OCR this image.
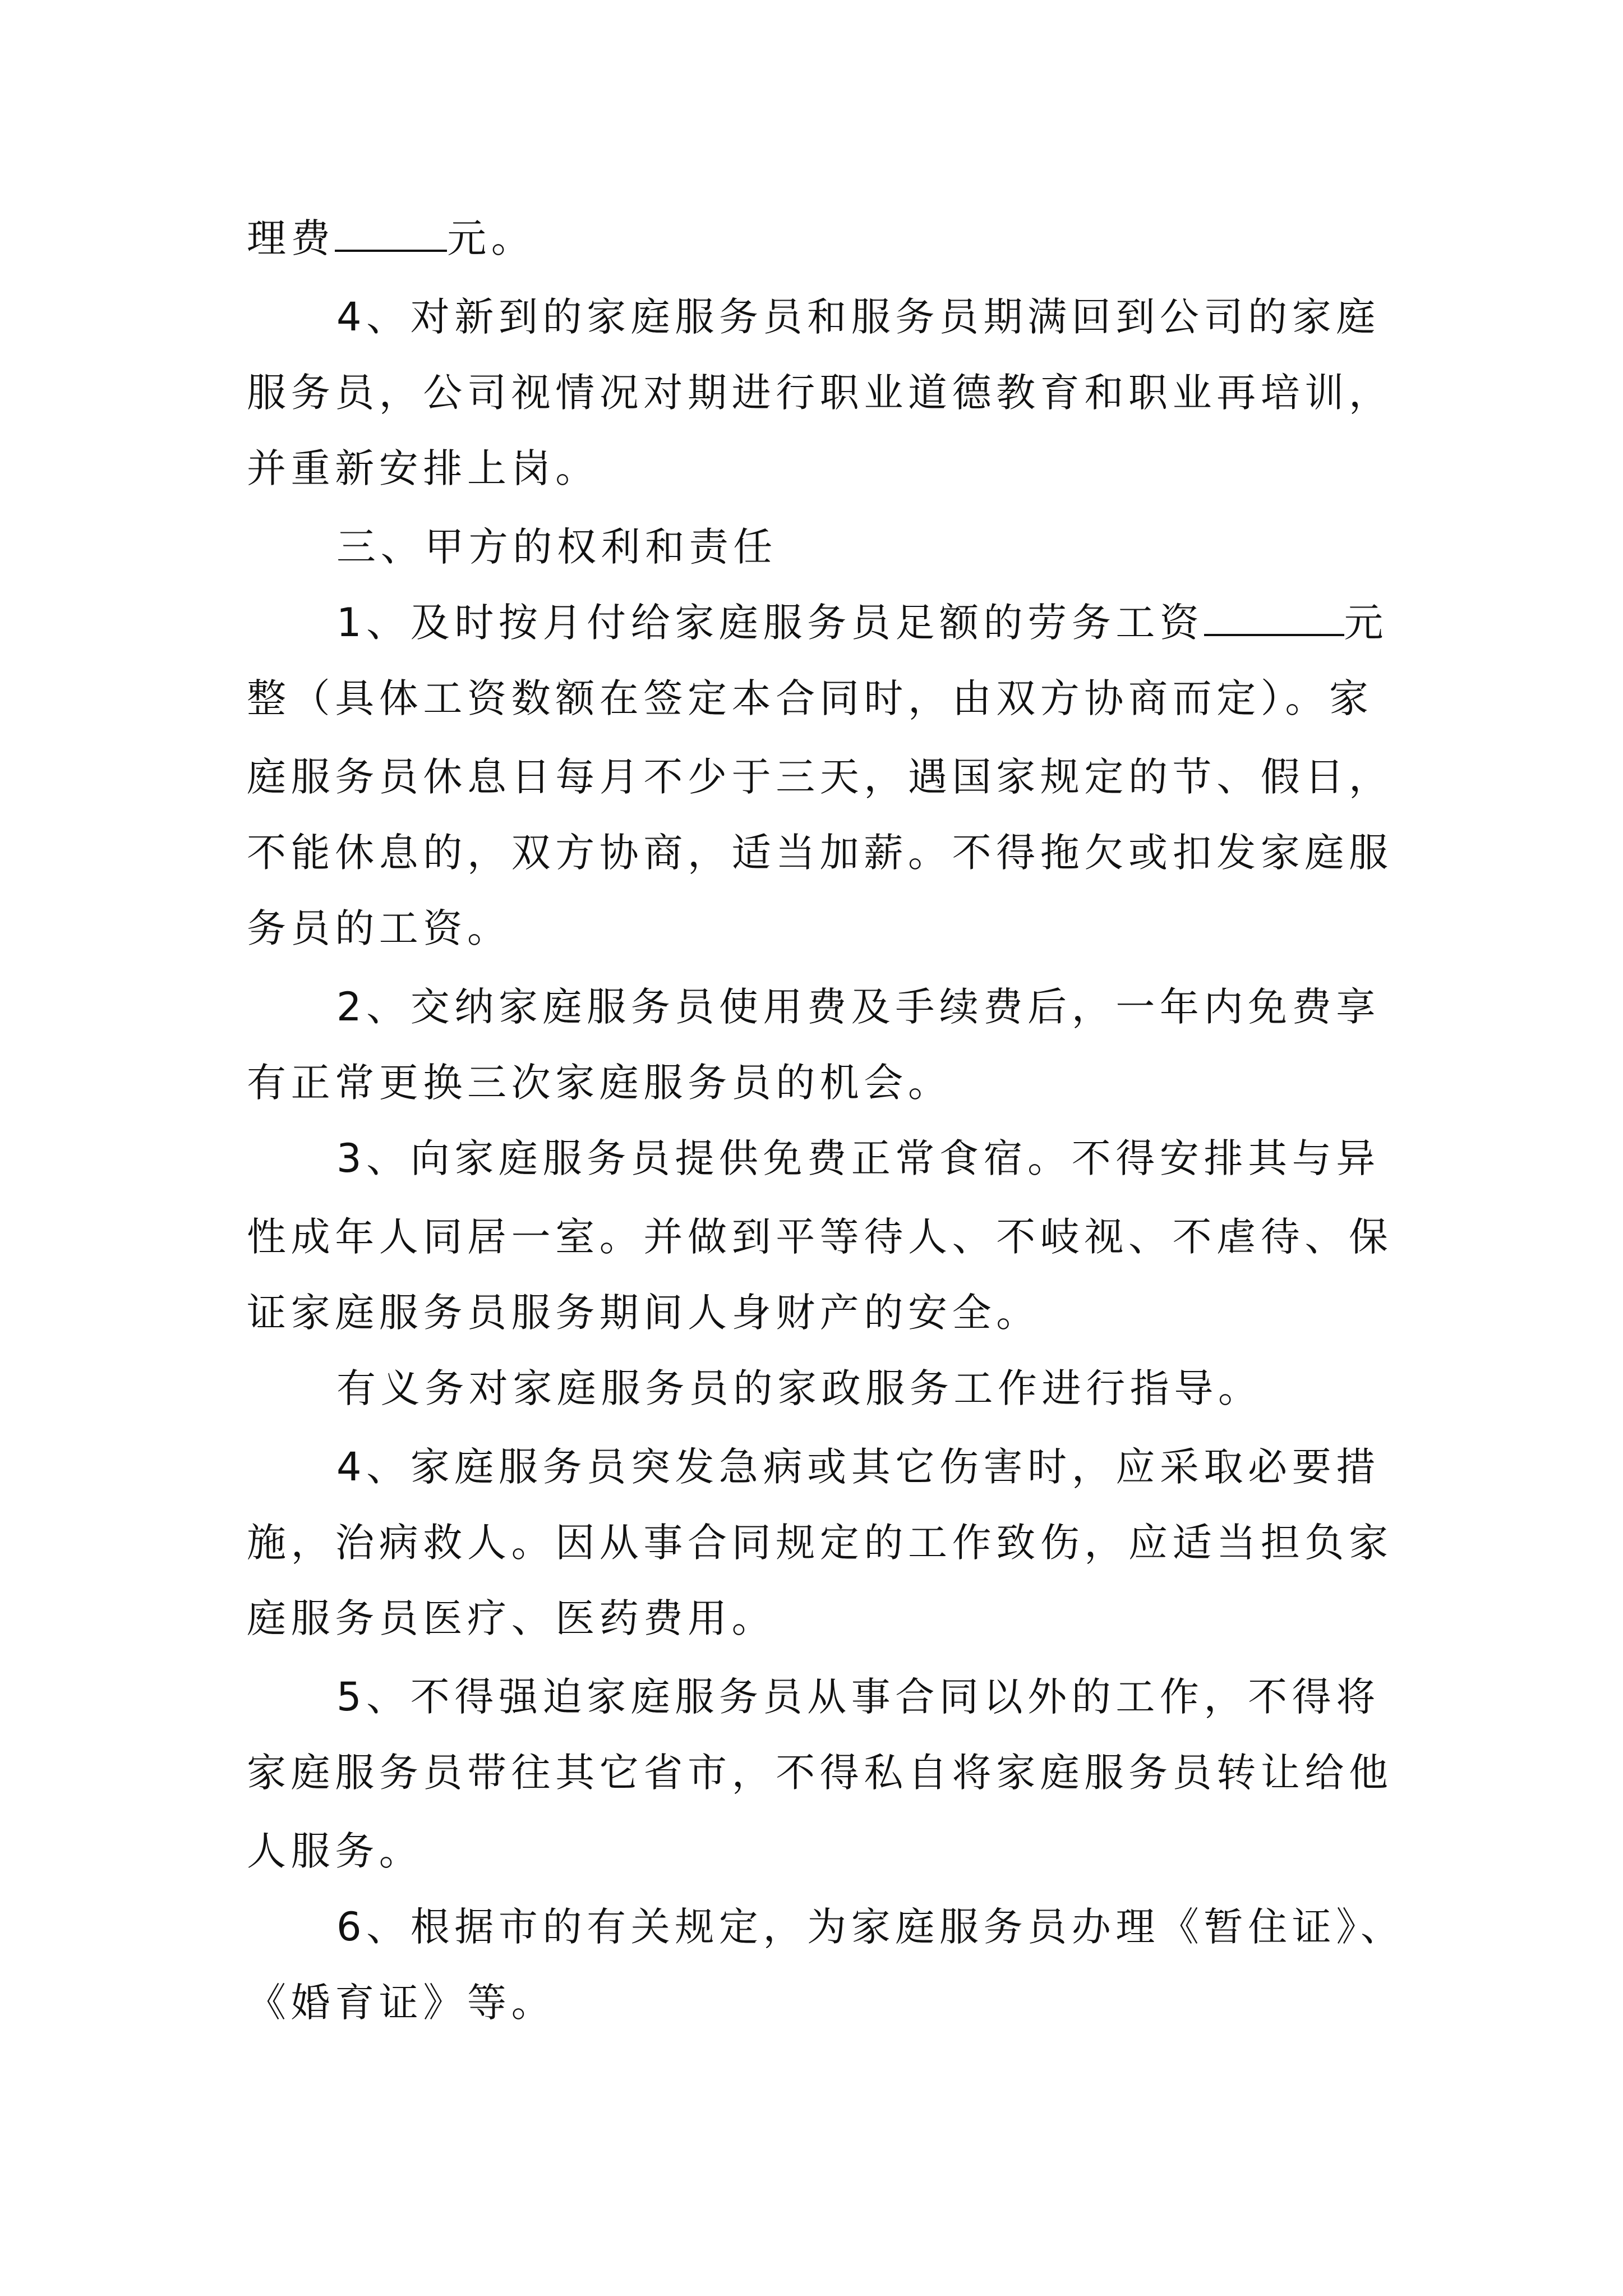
理费	元。
4、对新到的家庭服务员和服务员期满回到公司的家庭
服务员，公司视情况对期进行职业道德教育和职业再培训，
并重新安排上岗。
三、甲方的权利和责任
1、及时按月付给家庭服务员足额的劳务工资	元
整（具体工资数额在签定本合同时，由双方协商而定）。家
庭服务员休息日每月不少于三天，遇国家规定的节、假日，
不能休息的，双方协商，适当加薪。不得拖欠或扣发家庭服
务员的工资。
2、交纳家庭服务员使用费及手续费后，一年内免费享
有正常更换三次家庭服务员的机会。
3、向家庭服务员提供免费正常食宿。不得安排其与异
性成年人同居一室。并做到平等待人、不岐视、不虐待、保
证家庭服务员服务期间人身财产的安全。
有义务对家庭服务员的家政服务工作进行指导。
4、家庭服务员突发急病或其它伤害时，应采取必要措
施，治病救人。因从事合同规定的工作致伤，应适当担负家
庭服务员医疗、医药费用。
5、不得强迫家庭服务员从事合同以外的工作，不得将
家庭服务员带往其它省市，不得私自将家庭服务员转让给他
人服务。
6、根据市的有关规定，为家庭服务员办理《暂住证》、
《婚育证》等。
